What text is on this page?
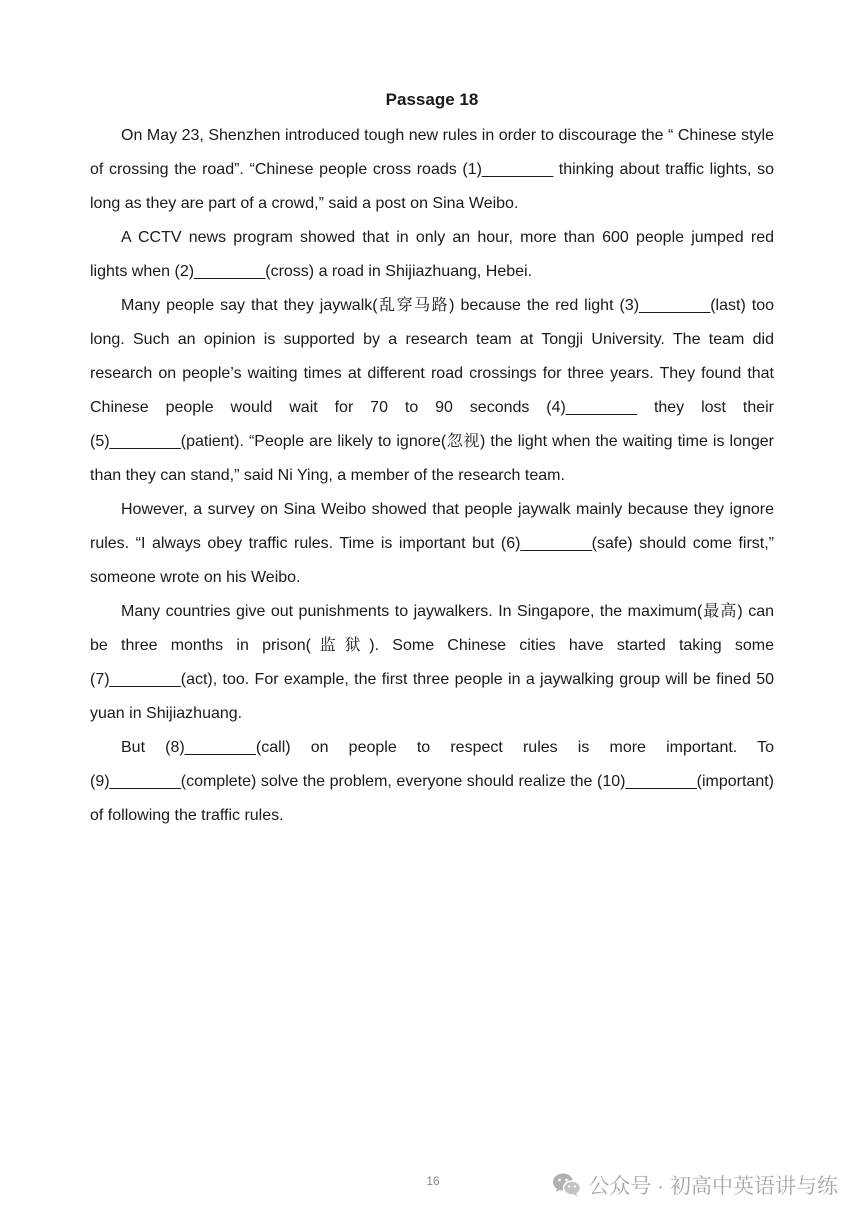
Passage 18

On May 23, Shenzhen introduced tough new rules in order to discourage the “ Chinese style of crossing the road”. “Chinese people cross roads (1)________ thinking about traffic lights, so long as they are part of a crowd,” said a post on Sina Weibo.

A CCTV news program showed that in only an hour, more than 600 people jumped red lights when (2)________(cross) a road in Shijiazhuang, Hebei.

Many people say that they jaywalk(乱穿马路) because the red light (3)________(last) too long. Such an opinion is supported by a research team at Tongji University. The team did research on people’s waiting times at different road crossings for three years. They found that Chinese people would wait for 70 to 90 seconds (4)________ they lost their (5)________(patient). “People are likely to ignore(忽视) the light when the waiting time is longer than they can stand,” said Ni Ying, a member of the research team.

However, a survey on Sina Weibo showed that people jaywalk mainly because they ignore rules. “I always obey traffic rules. Time is important but (6)________(safe) should come first,” someone wrote on his Weibo.

Many countries give out punishments to jaywalkers. In Singapore, the maximum(最高) can be three months in prison(监狱). Some Chinese cities have started taking some (7)________(act), too. For example, the first three people in a jaywalking group will be fined 50 yuan in Shijiazhuang.

But (8)________(call) on people to respect rules is more important. To (9)________(complete) solve the problem, everyone should realize the (10)________(important) of following the traffic rules.

16	公众号 · 初高中英语讲与练
